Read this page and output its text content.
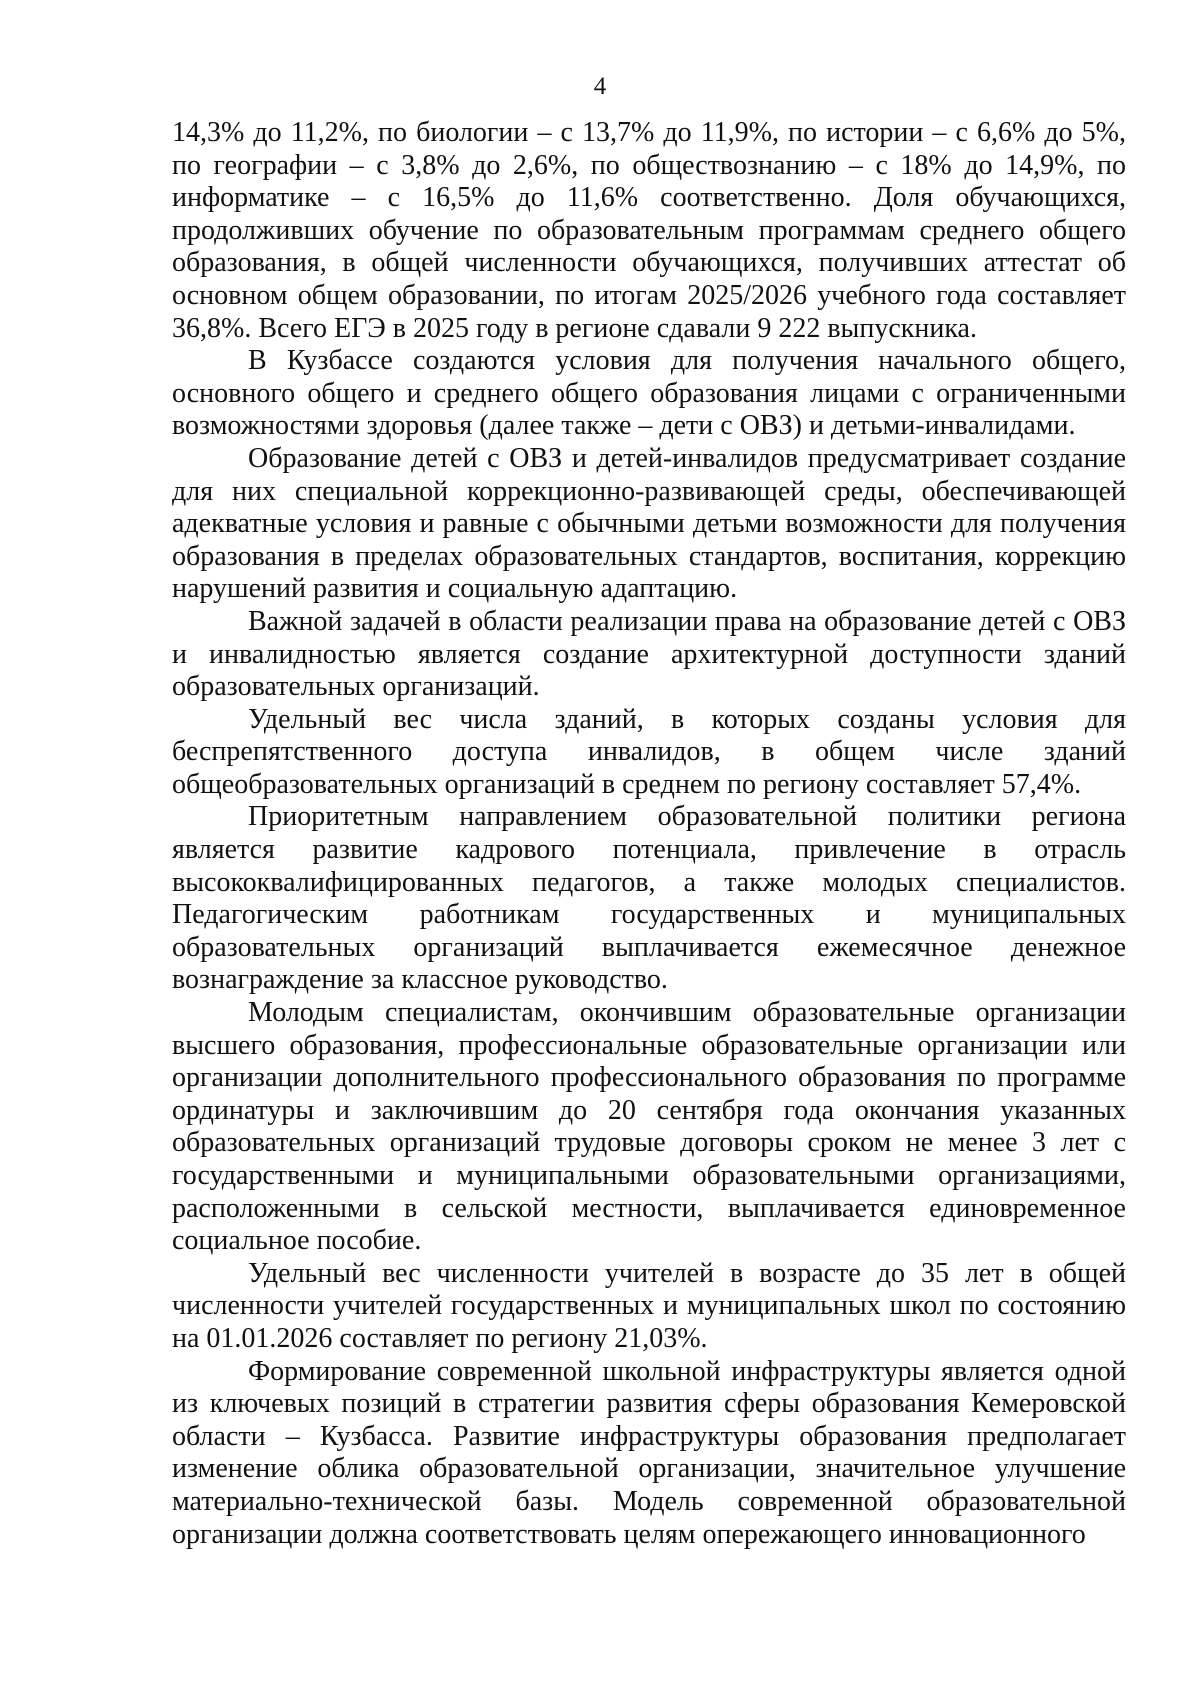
4

14,3% до 11,2%, по биологии – с 13,7% до 11,9%, по истории – с 6,6% до 5%, по географии – с 3,8% до 2,6%, по обществознанию – с 18% до 14,9%, по информатике – с 16,5% до 11,6% соответственно. Доля обучающихся, продолживших обучение по образовательным программам среднего общего образования, в общей численности обучающихся, получивших аттестат об основном общем образовании, по итогам 2025/2026 учебного года составляет 36,8%. Всего ЕГЭ в 2025 году в регионе сдавали 9 222 выпускника.

В Кузбассе создаются условия для получения начального общего, основного общего и среднего общего образования лицами с ограниченными возможностями здоровья (далее также – дети с ОВЗ) и детьми-инвалидами.

Образование детей с ОВЗ и детей-инвалидов предусматривает создание для них специальной коррекционно-развивающей среды, обеспечивающей адекватные условия и равные с обычными детьми возможности для получения образования в пределах образовательных стандартов, воспитания, коррекцию нарушений развития и социальную адаптацию.

Важной задачей в области реализации права на образование детей с ОВЗ и инвалидностью является создание архитектурной доступности зданий образовательных организаций.

Удельный вес числа зданий, в которых созданы условия для беспрепятственного доступа инвалидов, в общем числе зданий общеобразовательных организаций в среднем по региону составляет 57,4%.

Приоритетным направлением образовательной политики региона является развитие кадрового потенциала, привлечение в отрасль высококвалифицированных педагогов, а также молодых специалистов. Педагогическим работникам государственных и муниципальных образовательных организаций выплачивается ежемесячное денежное вознаграждение за классное руководство.

Молодым специалистам, окончившим образовательные организации высшего образования, профессиональные образовательные организации или организации дополнительного профессионального образования по программе ординатуры и заключившим до 20 сентября года окончания указанных образовательных организаций трудовые договоры сроком не менее 3 лет с государственными и муниципальными образовательными организациями, расположенными в сельской местности, выплачивается единовременное социальное пособие.

Удельный вес численности учителей в возрасте до 35 лет в общей численности учителей государственных и муниципальных школ по состоянию на 01.01.2026 составляет по региону 21,03%.

Формирование современной школьной инфраструктуры является одной из ключевых позиций в стратегии развития сферы образования Кемеровской области – Кузбасса. Развитие инфраструктуры образования предполагает изменение облика образовательной организации, значительное улучшение материально-технической базы. Модель современной образовательной организации должна соответствовать целям опережающего инновационного
